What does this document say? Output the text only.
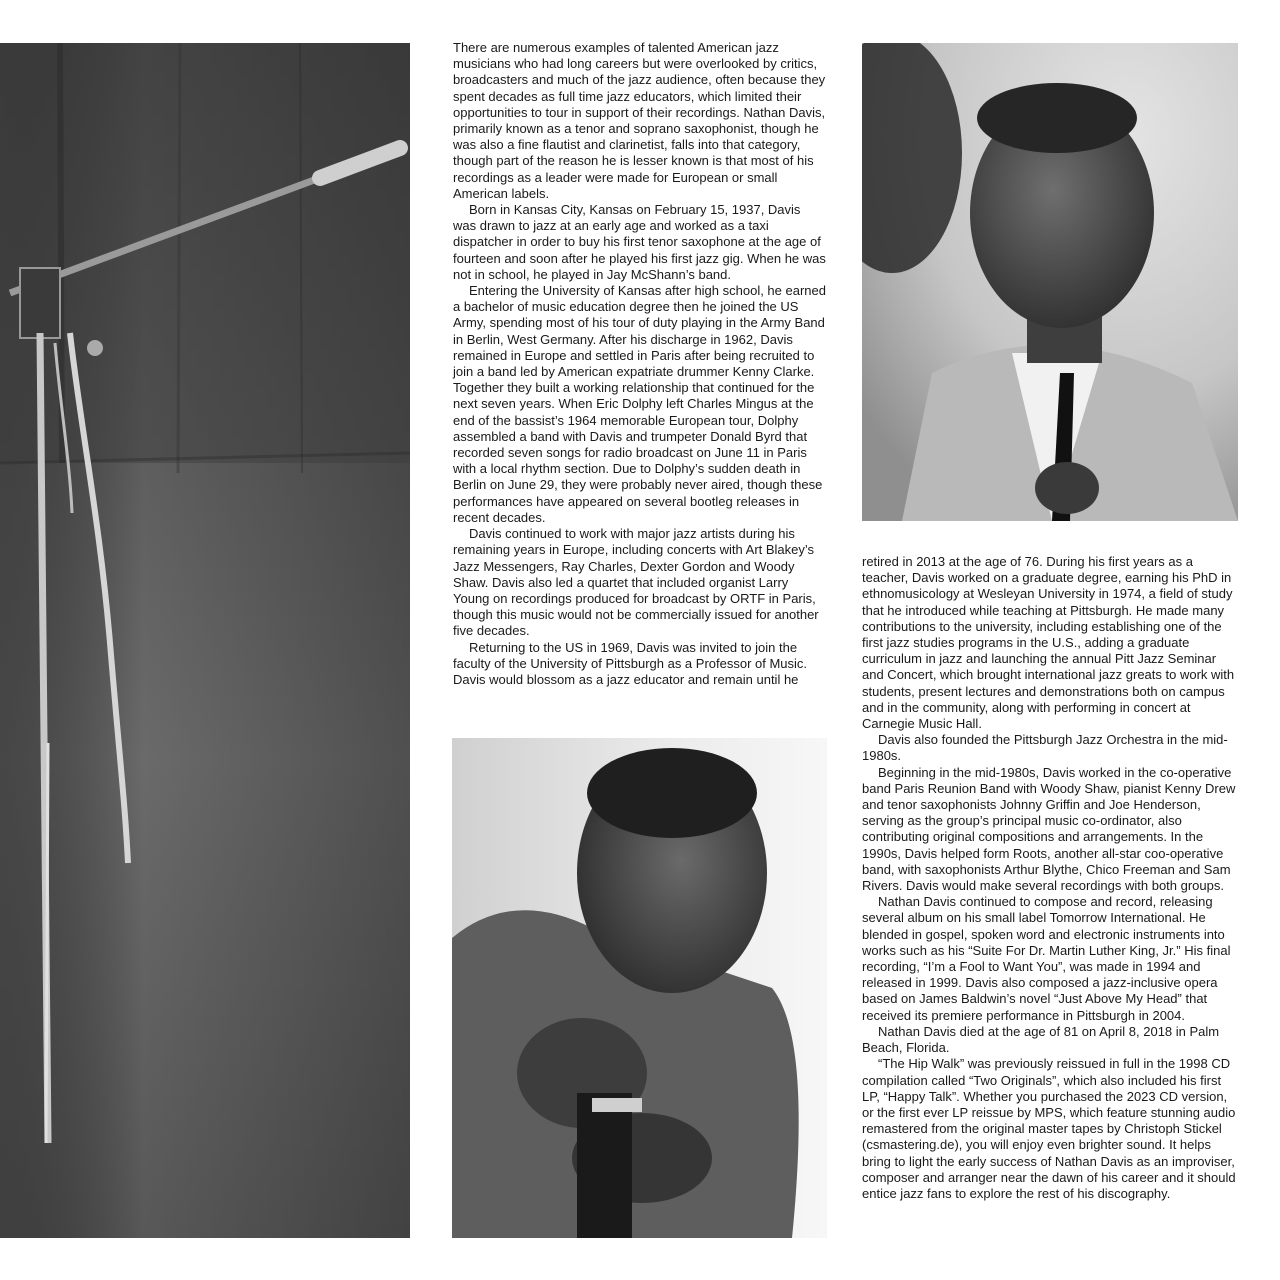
There are numerous examples of talented American jazz musicians who had long careers but were overlooked by critics, broadcasters and much of the jazz audience, often because they spent decades as full time jazz educators, which limited their opportunities to tour in support of their recordings. Nathan Davis, primarily known as a tenor and soprano saxophonist, though he was also a fine flautist and clarinetist, falls into that category, though part of the reason he is lesser known is that most of his recordings as a leader were made for European or small American labels.

Born in Kansas City, Kansas on February 15, 1937, Davis was drawn to jazz at an early age and worked as a taxi dispatcher in order to buy his first tenor saxophone at the age of fourteen and soon after he played his first jazz gig. When he was not in school, he played in Jay McShann’s band.

Entering the University of Kansas after high school, he earned a bachelor of music education degree then he joined the US Army, spending most of his tour of duty playing in the Army Band in Berlin, West Germany. After his discharge in 1962, Davis remained in Europe and settled in Paris after being recruited to join a band led by American expatriate drummer Kenny Clarke. Together they built a working relationship that continued for the next seven years. When Eric Dolphy left Charles Mingus at the end of the bassist’s 1964 memorable European tour, Dolphy assembled a band with Davis and trumpeter Donald Byrd that recorded seven songs for radio broadcast on June 11 in Paris with a local rhythm section. Due to Dolphy’s sudden death in Berlin on June 29, they were probably never aired, though these performances have appeared on several bootleg releases in recent decades.

Davis continued to work with major jazz artists during his remaining years in Europe, including concerts with Art Blakey’s Jazz Messengers, Ray Charles, Dexter Gordon and Woody Shaw. Davis also led a quartet that included organist Larry Young on recordings produced for broadcast by ORTF in Paris, though this music would not be commercially issued for another five decades.

Returning to the US in 1969, Davis was invited to join the faculty of the University of Pittsburgh as a Professor of Music. Davis would blossom as a jazz educator and remain until he

retired in 2013 at the age of 76. During his first years as a teacher, Davis worked on a graduate degree, earning his PhD in ethnomusicology at Wesleyan University in 1974, a field of study that he introduced while teaching at Pittsburgh. He made many contributions to the university, including establishing one of the first jazz studies programs in the U.S., adding a graduate curriculum in jazz and launching the annual Pitt Jazz Seminar and Concert, which brought international jazz greats to work with students, present lectures and demonstrations both on campus and in the community, along with performing in concert at Carnegie Music Hall.

Davis also founded the Pittsburgh Jazz Orchestra in the mid-1980s.

Beginning in the mid-1980s, Davis worked in the co-operative band Paris Reunion Band with Woody Shaw, pianist Kenny Drew and tenor saxophonists Johnny Griffin and Joe Henderson, serving as the group’s principal music co-ordinator, also contributing original compositions and arrangements. In the 1990s, Davis helped form Roots, another all-star coo-operative band, with saxophonists Arthur Blythe, Chico Freeman and Sam Rivers. Davis would make several recordings with both groups.

Nathan Davis continued to compose and record, releasing several album on his small label Tomorrow International. He blended in gospel, spoken word and electronic instruments into works such as his “Suite For Dr. Martin Luther King, Jr.” His final recording, “I’m a Fool to Want You”, was made in 1994 and released in 1999. Davis also composed a jazz-inclusive opera based on James Baldwin’s novel “Just Above My Head” that received its premiere performance in Pittsburgh in 2004.

Nathan Davis died at the age of 81 on April 8, 2018 in Palm Beach, Florida.

“The Hip Walk” was previously reissued in full in the 1998 CD compilation called “Two Originals”, which also included his first LP, “Happy Talk”. Whether you purchased the 2023 CD version, or the first ever LP reissue by MPS, which feature stunning audio remastered from the original master tapes by Christoph Stickel (csmastering.de), you will enjoy even brighter sound. It helps bring to light the early success of Nathan Davis as an improviser, composer and arranger near the dawn of his career and it should entice jazz fans to explore the rest of his discography.
